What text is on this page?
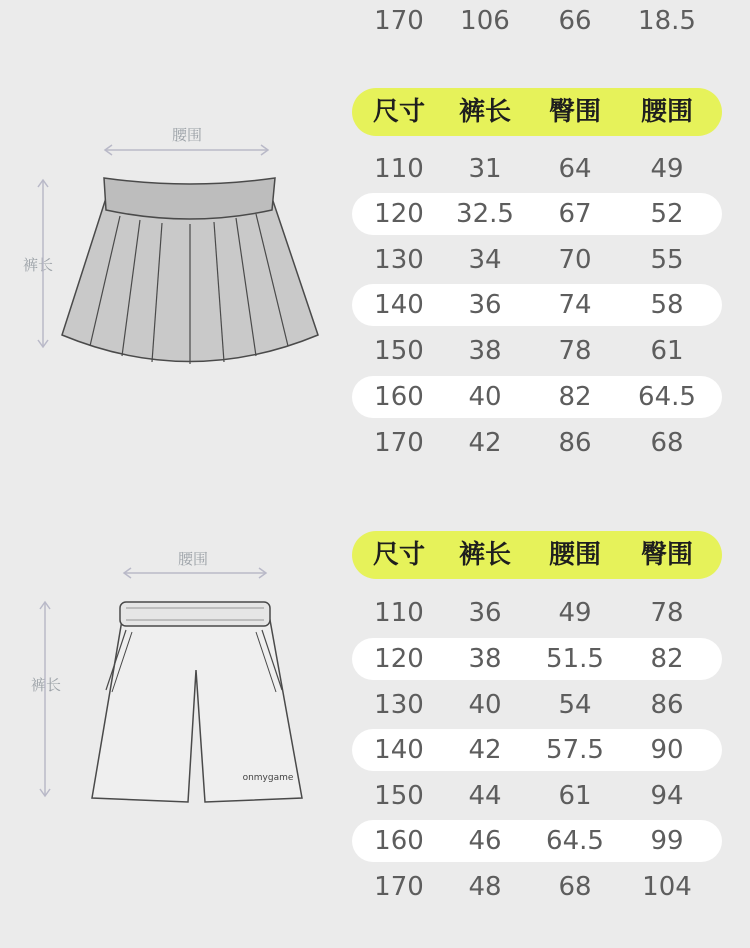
170	106	66	18.5
腰围
裤长
腰围
裤长
onmygame
尺寸	裤长	臀围	腰围
110	31	64	49
120	32.5	67	52
130	34	70	55
140	36	74	58
150	38	78	61
160	40	82	64.5
170	42	86	68
尺寸	裤长	腰围	臀围
110	36	49	78
120	38	51.5	82
130	40	54	86
140	42	57.5	90
150	44	61	94
160	46	64.5	99
170	48	68	104
